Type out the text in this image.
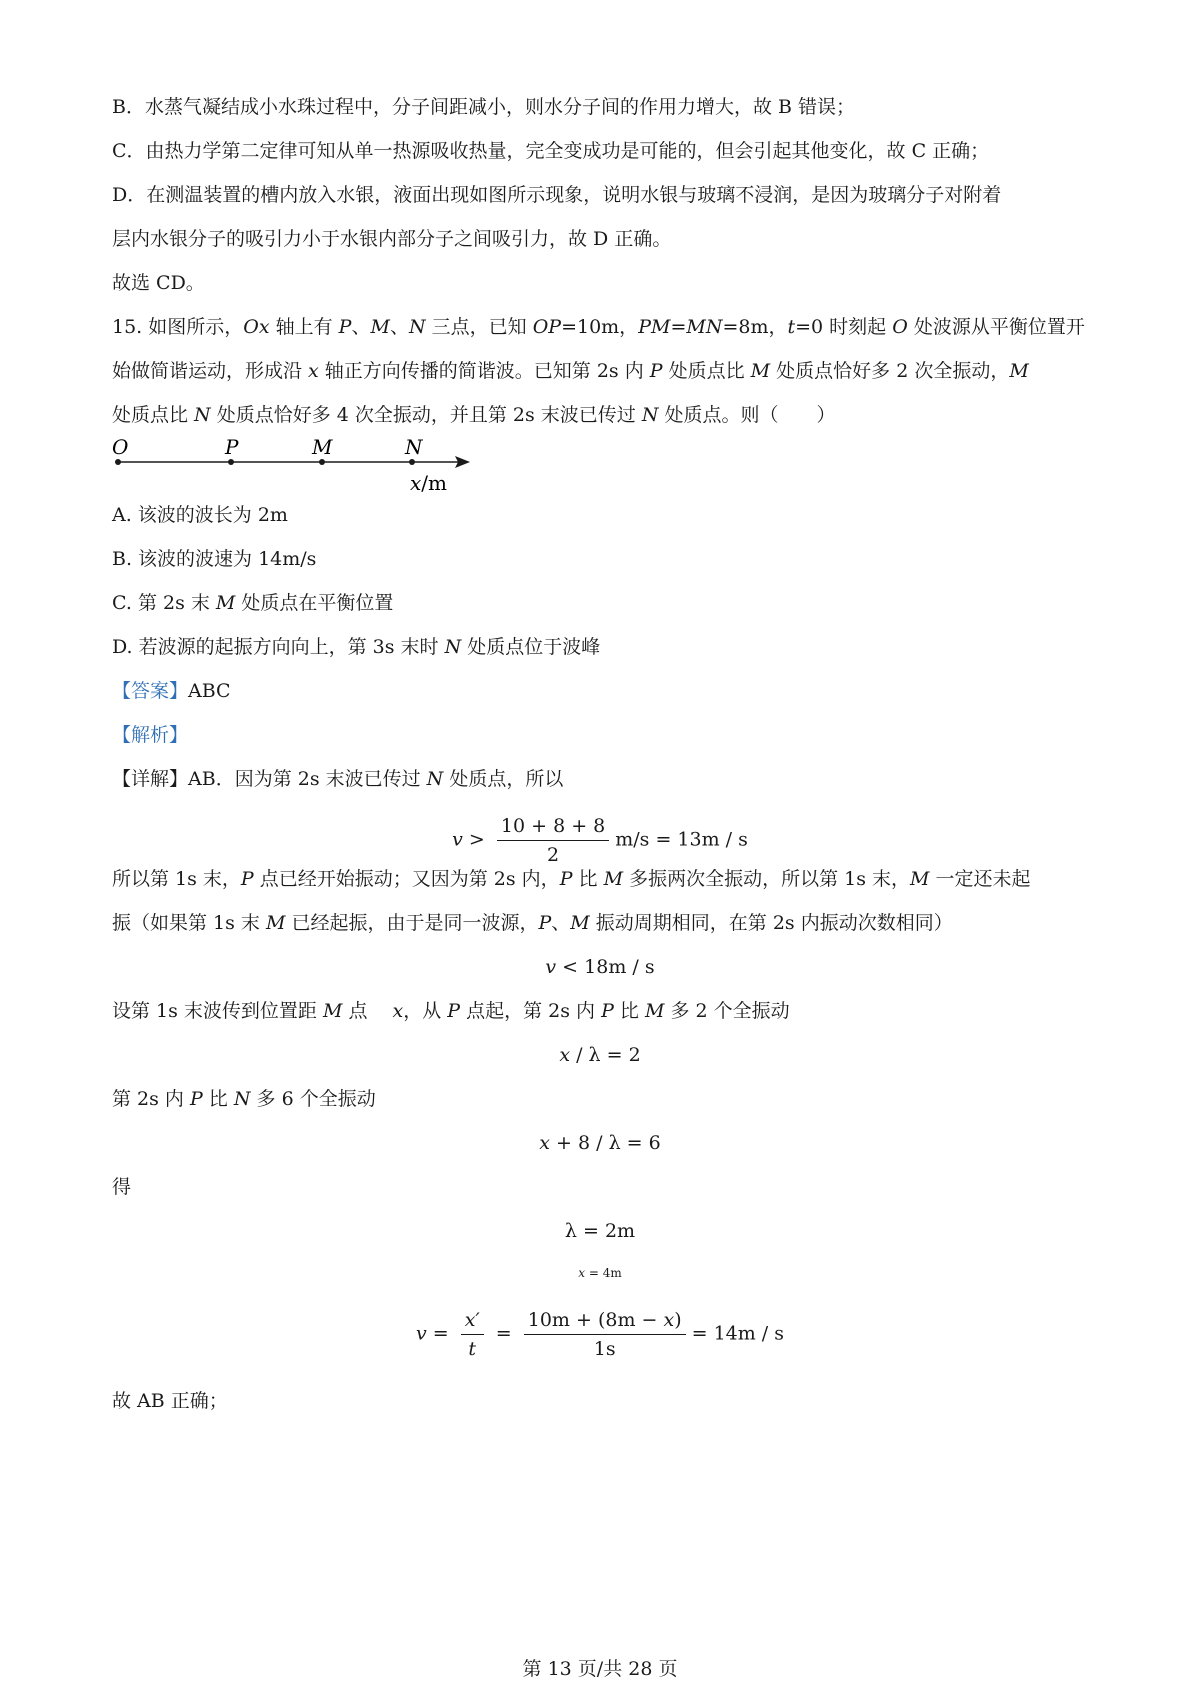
B．水蒸气凝结成小水珠过程中，分子间距减小，则水分子间的作用力增大，故 B 错误；
C．由热力学第二定律可知从单一热源吸收热量，完全变成功是可能的，但会引起其他变化，故 C 正确；
D．在测温装置的槽内放入水银，液面出现如图所示现象，说明水银与玻璃不浸润，是因为玻璃分子对附着
层内水银分子的吸引力小于水银内部分子之间吸引力，故 D 正确。
故选 CD。
15. 如图所示，Ox 轴上有 P、M、N 三点，已知 OP=10m，PM=MN=8m，t=0 时刻起 O 处波源从平衡位置开
始做简谐运动，形成沿 x 轴正方向传播的简谐波。已知第 2s 内 P 处质点比 M 处质点恰好多 2 次全振动，M
处质点比 N 处质点恰好多 4 次全振动，并且第 2s 末波已传过 N 处质点。则（　　）
O	P	M	N
x/m
A. 该波的波长为 2m
B. 该波的波速为 14m/s
C. 第 2s 末 M 处质点在平衡位置
D. 若波源的起振方向向上，第 3s 末时 N 处质点位于波峰
【答案】ABC
【解析】
【详解】AB．因为第 2s 末波已传过 N 处质点，所以
$v > \frac{10 + 8 + 8}{2} m/s = 13m / s$
所以第 1s 末，P 点已经开始振动；又因为第 2s 内，P 比 M 多振两次全振动，所以第 1s 末，M 一定还未起
振（如果第 1s 末 M 已经起振，由于是同一波源，P、M 振动周期相同，在第 2s 内振动次数相同）
v < 18m / s
设第 1s 末波传到位置距 M 点　 x，从 P 点起，第 2s 内 P 比 M 多 2 个全振动
x / λ = 2
第 2s 内 P 比 N 多 6 个全振动
x + 8 / λ = 6
得
λ = 2m
x = 4m
$v = \frac{x'}{t} = \frac{10m + (8m - x)}{1s} = 14m / s$
故 AB 正确；
第 13 页/共 28 页
